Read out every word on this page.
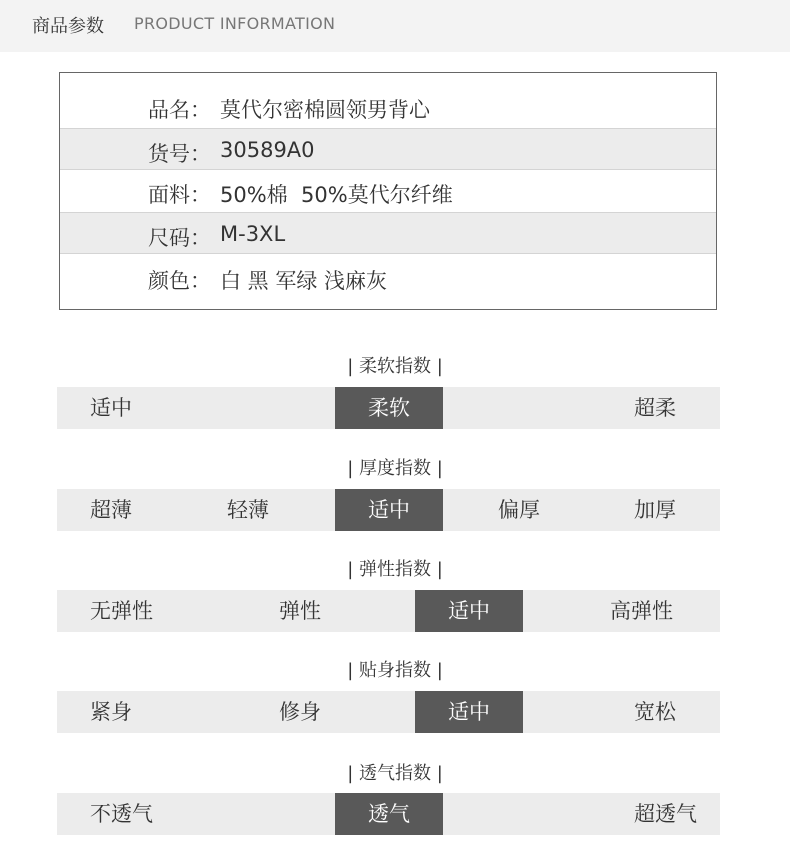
商品参数 PRODUCT INFORMATION
品名： 莫代尔密棉圆领男背心
货号： 30589A0
面料： 50%棉  50%莫代尔纤维
尺码： M-3XL
颜色： 白 黑 军绿 浅麻灰
| 柔软指数 |
适中	柔软	超柔
| 厚度指数 |
超薄	轻薄	适中	偏厚	加厚
| 弹性指数 |
无弹性	弹性	适中	高弹性
| 贴身指数 |
紧身	修身	适中	宽松
| 透气指数 |
不透气	透气	超透气
